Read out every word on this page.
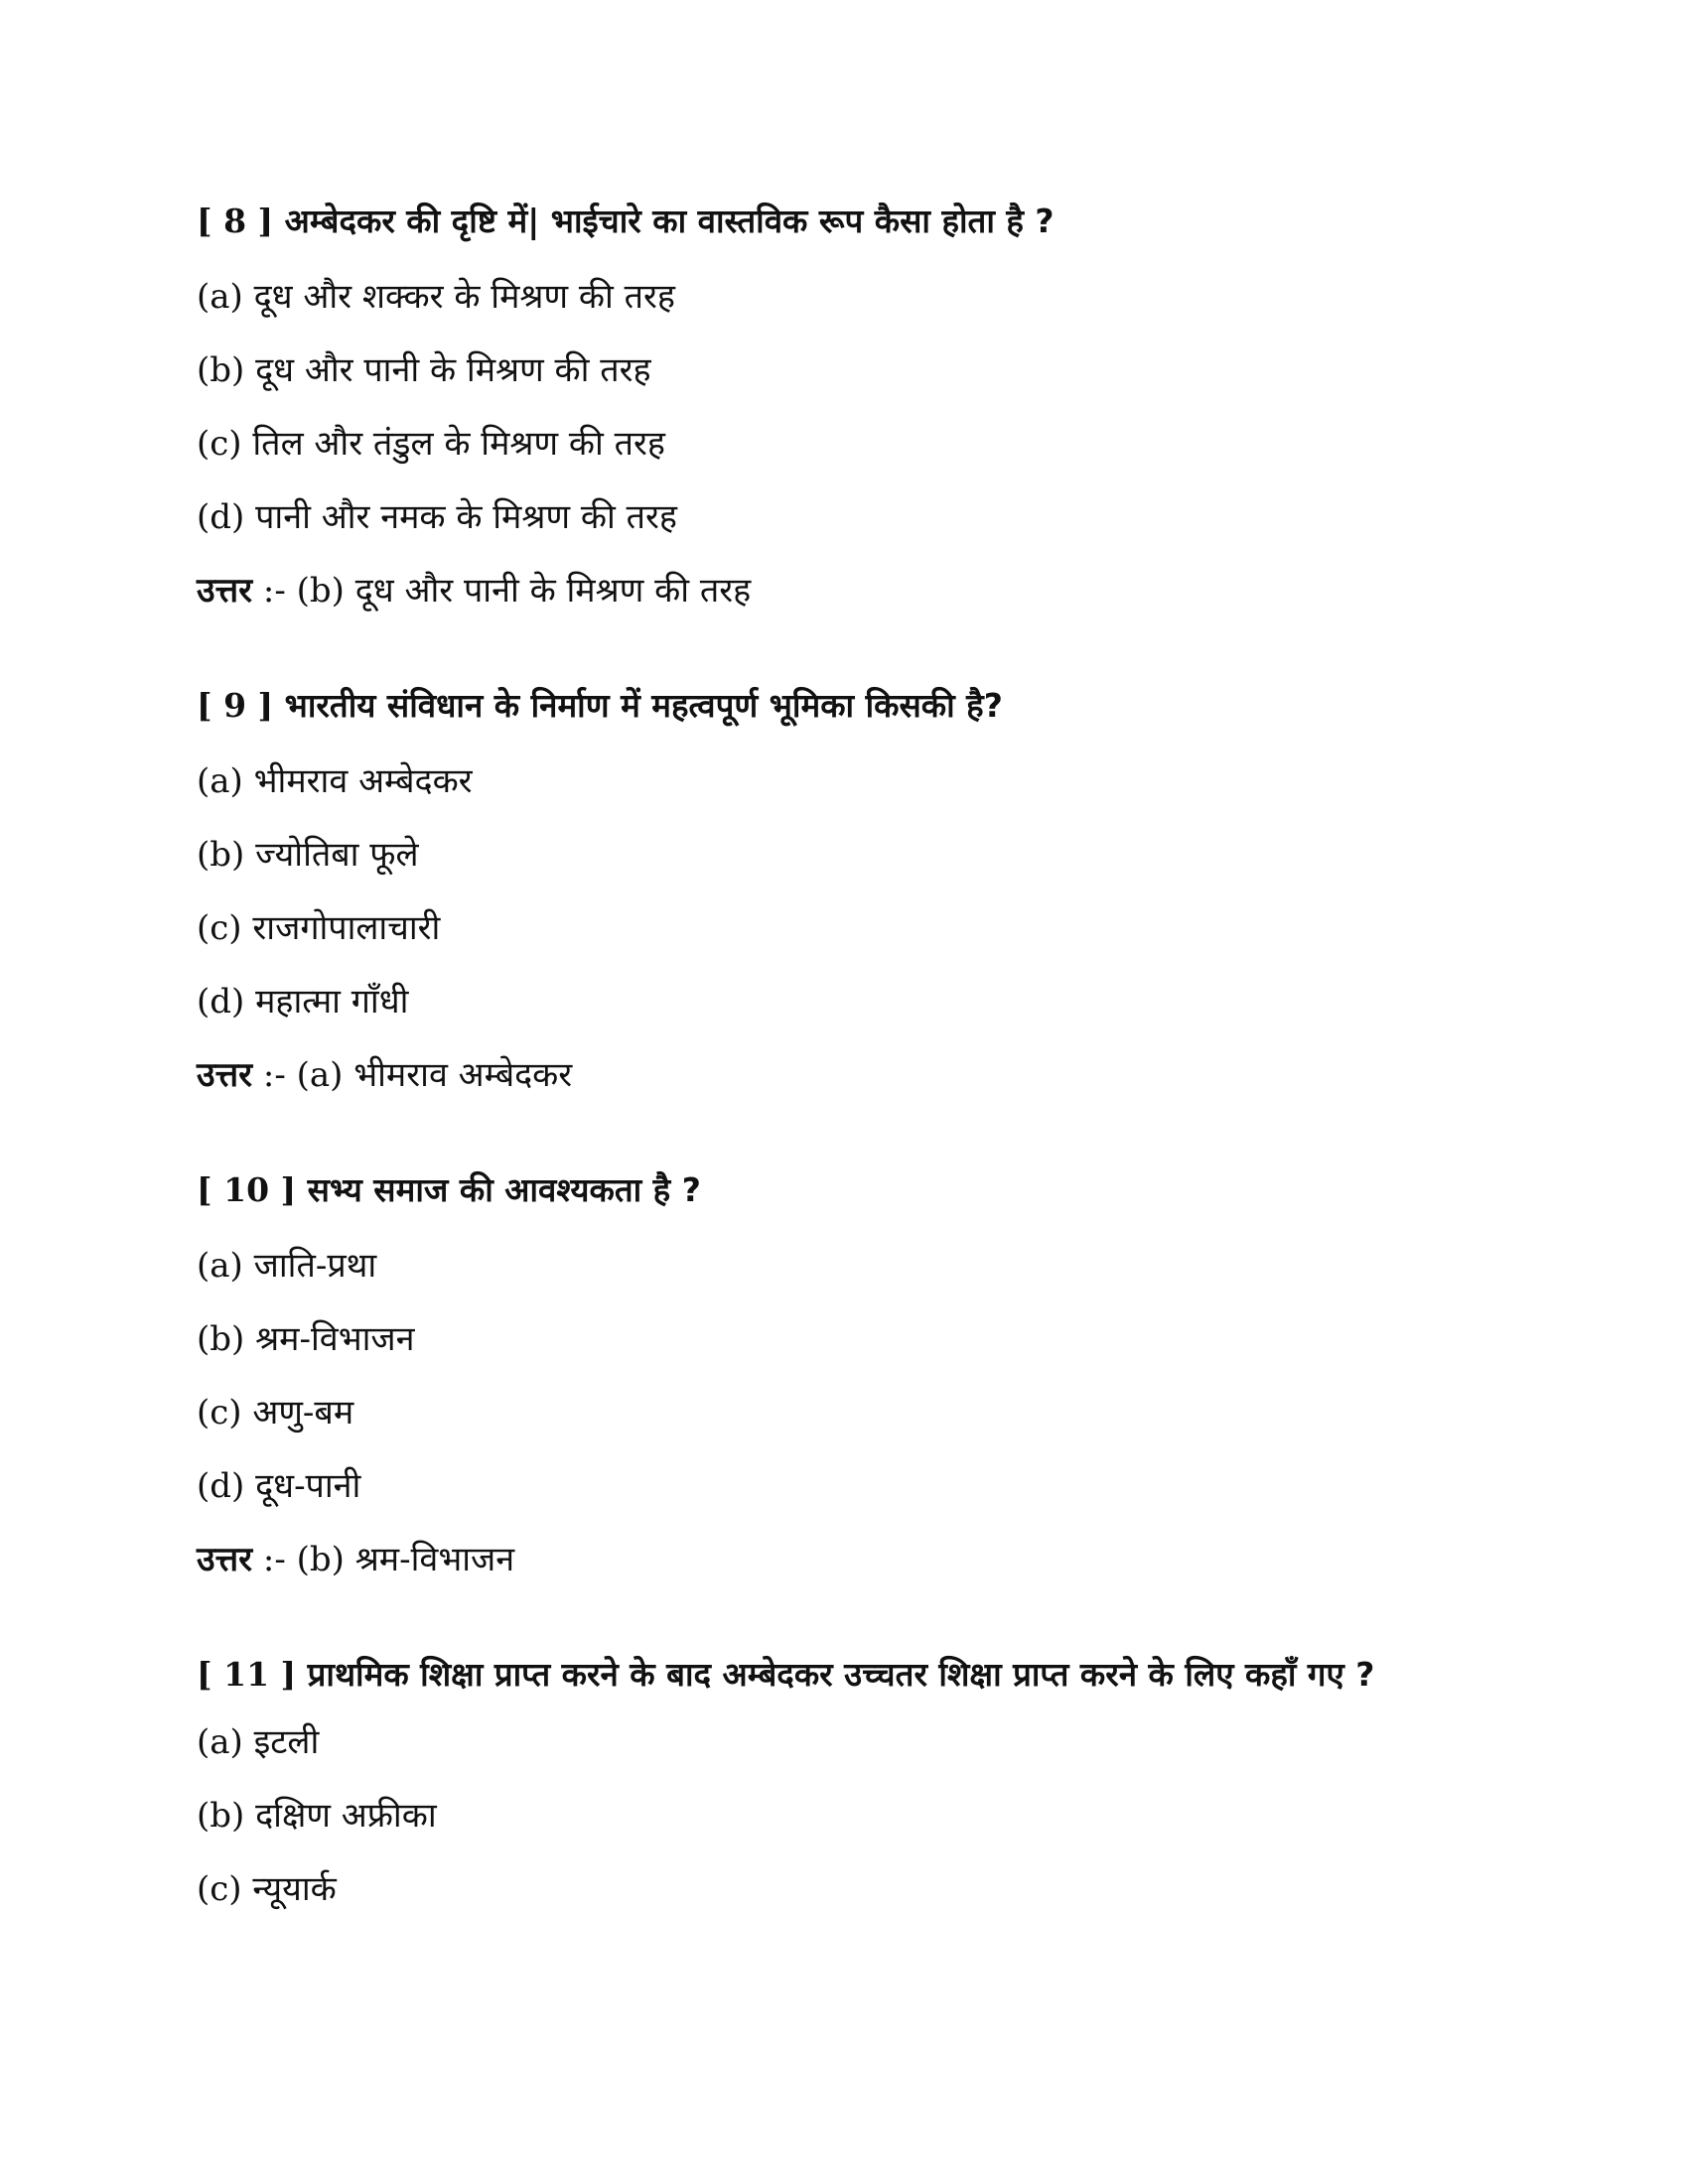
[ 8 ] अम्बेदकर की दृष्टि में| भाईचारे का वास्तविक रूप कैसा होता है ?

(a) दूध और शक्कर के मिश्रण की तरह
(b) दूध और पानी के मिश्रण की तरह
(c) तिल और तंडुल के मिश्रण की तरह
(d) पानी और नमक के मिश्रण की तरह
उत्तर :- (b) दूध और पानी के मिश्रण की तरह

[ 9 ] भारतीय संविधान के निर्माण में महत्वपूर्ण भूमिका किसकी है?

(a) भीमराव अम्बेदकर
(b) ज्योतिबा फूले
(c) राजगोपालाचारी
(d) महात्मा गाँधी
उत्तर :- (a) भीमराव अम्बेदकर

[ 10 ] सभ्य समाज की आवश्यकता है ?

(a) जाति-प्रथा
(b) श्रम-विभाजन
(c) अणु-बम
(d) दूध-पानी
उत्तर :- (b) श्रम-विभाजन

[ 11 ] प्राथमिक शिक्षा प्राप्त करने के बाद अम्बेदकर उच्चतर शिक्षा प्राप्त करने के लिए कहाँ गए ?

(a) इटली
(b) दक्षिण अफ्रीका
(c) न्यूयार्क
